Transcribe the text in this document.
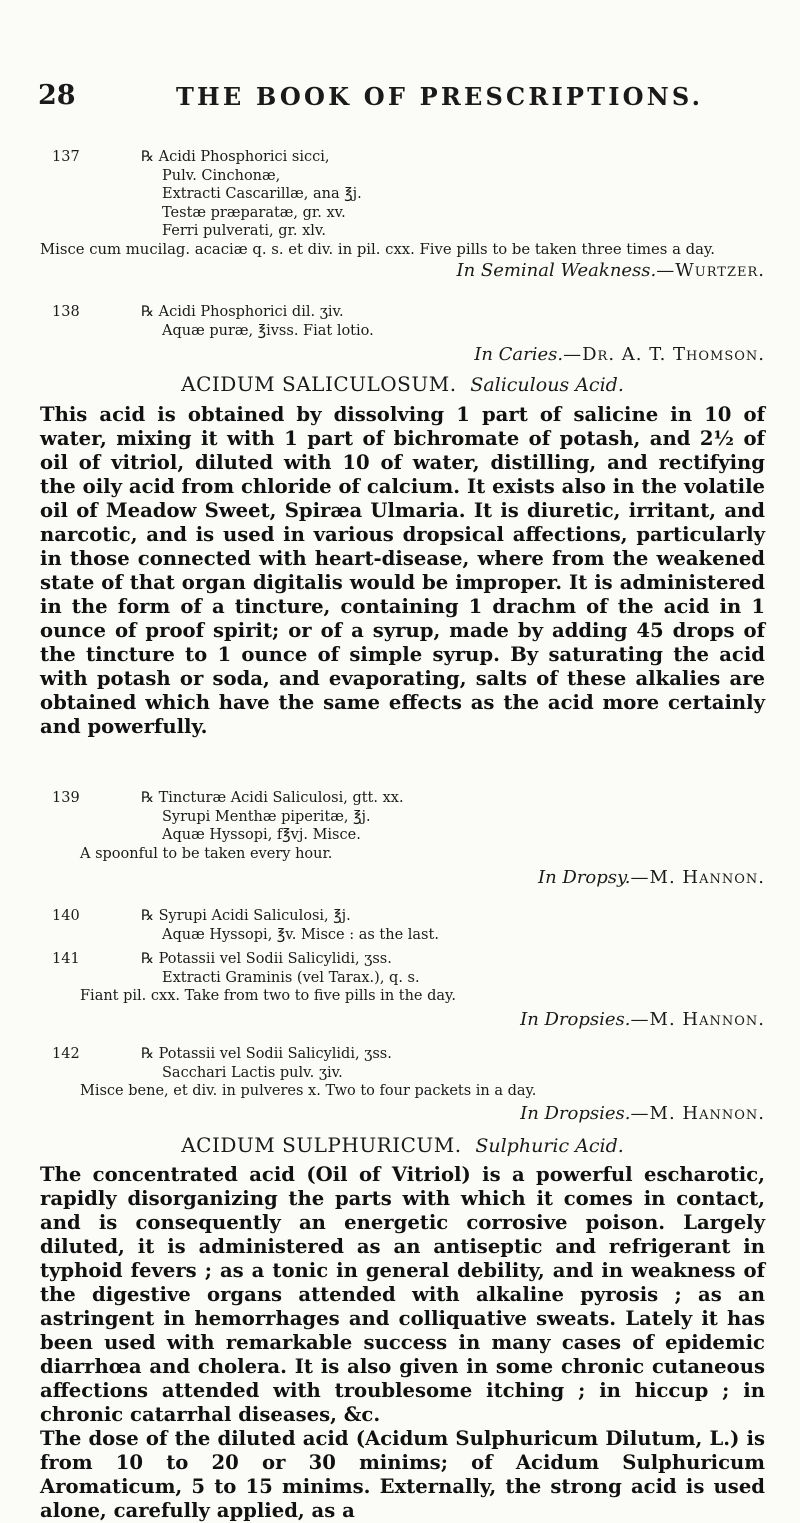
28	THE BOOK OF PRESCRIPTIONS.
137	℞ Acidi Phosphorici sicci,
Pulv. Cinchonæ,
Extracti Cascarillæ, ana ℥j.
Testæ præparatæ, gr. xv.
Ferri pulverati, gr. xlv.
Misce cum mucilag. acaciæ q. s. et div. in pil. cxx. Five pills to be taken three times a day.
In Seminal Weakness.—Wurtzer.
138	℞ Acidi Phosphorici dil. ʒiv.
Aquæ puræ, ℥ivss. Fiat lotio.
In Caries.—Dr. A. T. Thomson.
ACIDUM SALICULOSUM. Saliculous Acid.

This acid is obtained by dissolving 1 part of salicine in 10 of water, mixing it with 1 part of bichromate of potash, and 2½ of oil of vitriol, diluted with 10 of water, distilling, and rectifying the oily acid from chloride of calcium. It exists also in the volatile oil of Meadow Sweet, Spiræa Ulmaria. It is diuretic, irritant, and narcotic, and is used in various dropsical affections, particularly in those connected with heart-disease, where from the weakened state of that organ digitalis would be improper. It is administered in the form of a tincture, containing 1 drachm of the acid in 1 ounce of proof spirit; or of a syrup, made by adding 45 drops of the tincture to 1 ounce of simple syrup. By saturating the acid with potash or soda, and evaporating, salts of these alkalies are obtained which have the same effects as the acid more certainly and powerfully.

139	℞ Tincturæ Acidi Saliculosi, gtt. xx.
Syrupi Menthæ piperitæ, ℥j.
Aquæ Hyssopi, f℥vj. Misce.
A spoonful to be taken every hour.
In Dropsy.—M. Hannon.
140	℞ Syrupi Acidi Saliculosi, ℥j.
Aquæ Hyssopi, ℥v. Misce : as the last.
141	℞ Potassii vel Sodii Salicylidi, ʒss.
Extracti Graminis (vel Tarax.), q. s.
Fiant pil. cxx. Take from two to five pills in the day.
In Dropsies.—M. Hannon.
142	℞ Potassii vel Sodii Salicylidi, ʒss.
Sacchari Lactis pulv. ʒiv.
Misce bene, et div. in pulveres x. Two to four packets in a day.
In Dropsies.—M. Hannon.
ACIDUM SULPHURICUM. Sulphuric Acid.

The concentrated acid (Oil of Vitriol) is a powerful escharotic, rapidly disorganizing the parts with which it comes in contact, and is consequently an energetic corrosive poison. Largely diluted, it is administered as an antiseptic and refrigerant in typhoid fevers ; as a tonic in general debility, and in weakness of the digestive organs attended with alkaline pyrosis ; as an astringent in hemorrhages and colliquative sweats. Lately it has been used with remarkable success in many cases of epidemic diarrhœa and cholera. It is also given in some chronic cutaneous affections attended with troublesome itching ; in hiccup ; in chronic catarrhal diseases, &c.

The dose of the diluted acid (Acidum Sulphuricum Dilutum, L.) is from 10 to 20 or 30 minims; of Acidum Sulphuricum Aromaticum, 5 to 15 minims. Externally, the strong acid is used alone, carefully applied, as a
